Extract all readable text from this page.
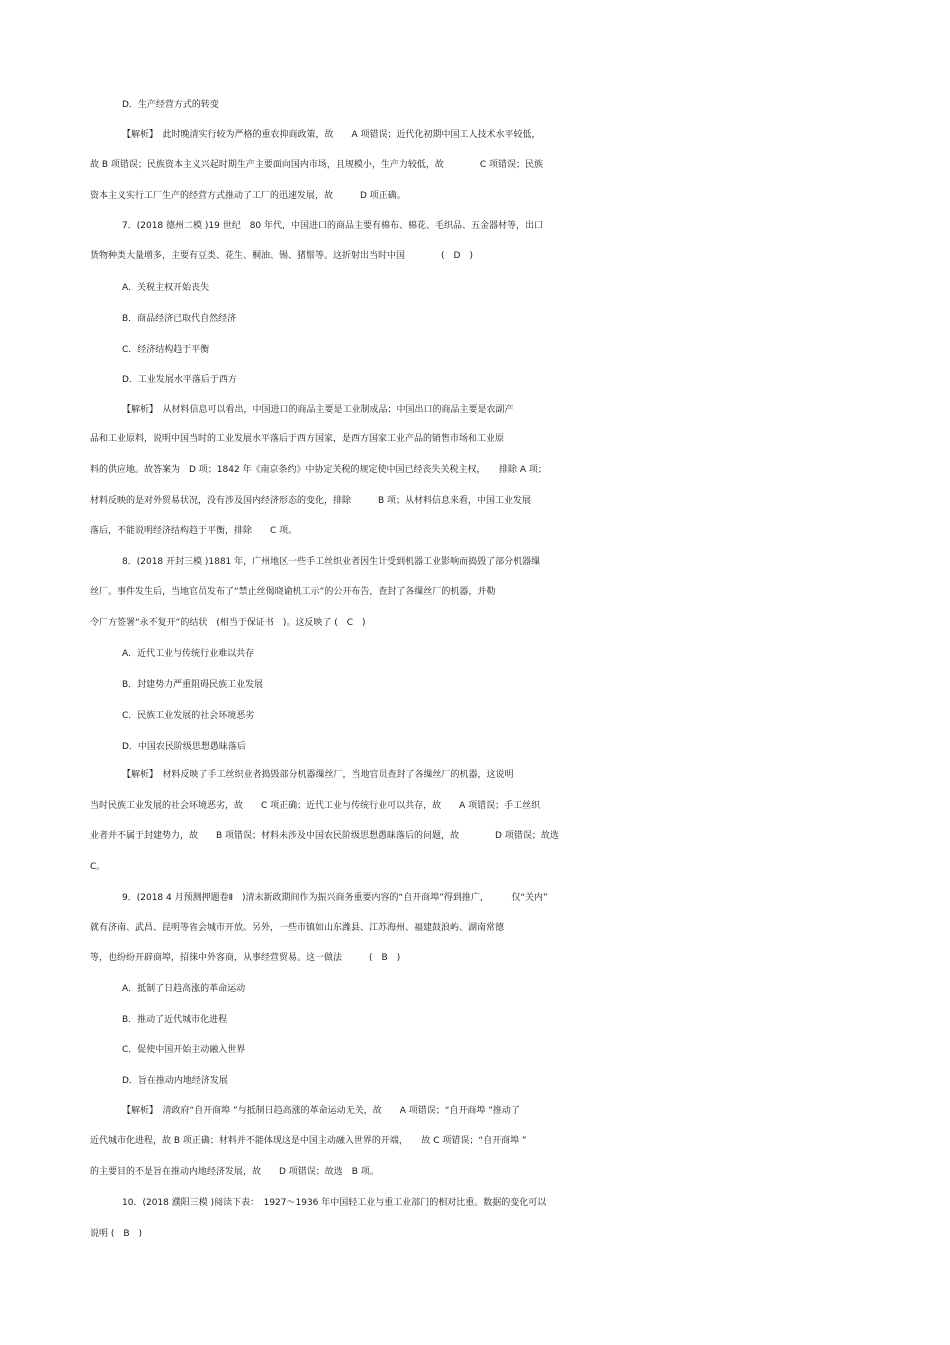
D．生产经营方式的转变
【解析】　此时晚清实行较为严格的重农抑商政策，故　　A 项错误；近代化初期中国工人技术水平较低，
故 B 项错误；民族资本主义兴起时期生产主要面向国内市场，且规模小，生产力较低，故　　　　C 项错误；民族
资本主义实行工厂生产的经营方式推动了工厂的迅速发展，故　　　D 项正确。
7．(2018 德州二模 )19 世纪　80 年代，中国进口的商品主要有棉布、棉花、毛织品、五金器材等，出口
货物种类大量增多，主要有豆类、花生、桐油、锡、猪鬃等。这折射出当时中国　　　　(　D　)
A．关税主权开始丧失
B．商品经济已取代自然经济
C．经济结构趋于平衡
D．工业发展水平落后于西方
【解析】　从材料信息可以看出，中国进口的商品主要是工业制成品；中国出口的商品主要是农副产
品和工业原料，说明中国当时的工业发展水平落后于西方国家，是西方国家工业产品的销售市场和工业原
料的供应地。故答案为　D 项；1842 年《南京条约》中协定关税的规定使中国已经丧失关税主权，　　排除 A 项；
材料反映的是对外贸易状况，没有涉及国内经济形态的变化，排除　　　B 项；从材料信息来看，中国工业发展
落后，不能说明经济结构趋于平衡，排除　　C 项。
8．(2018 开封三模 )1881 年，广州地区一些手工丝织业者因生计受到机器工业影响而捣毁了部分机器缫
丝厂。事件发生后，当地官员发布了“禁止丝偈晓谕机工示”的公开布告，查封了各缫丝厂的机器，并勒
令厂方签署“永不复开”的结状　(相当于保证书　)。这反映了 (　C　)
A．近代工业与传统行业难以共存
B．封建势力严重阻碍民族工业发展
C．民族工业发展的社会环境恶劣
D．中国农民阶级思想愚昧落后
【解析】　材料反映了手工丝织业者捣毁部分机器缫丝厂，当地官员查封了各缫丝厂的机器，这说明
当时民族工业发展的社会环境恶劣，故　　C 项正确；近代工业与传统行业可以共存，故　　A 项错误；手工丝织
业者并不属于封建势力，故　　B 项错误；材料未涉及中国农民阶级思想愚昧落后的问题，故　　　　D 项错误；故选
C。
9．(2018 4 月预测押题卷Ⅱ　)清末新政期间作为振兴商务重要内容的“自开商埠”得到推广，　　　仅“关内”
就有济南、武昌、昆明等省会城市开放。另外，一些市镇如山东潍县、江苏海州、福建鼓浪屿、湖南常德
等，也纷纷开辟商埠，招徕中外客商，从事经营贸易。这一做法　　　(　B　)
A．抵制了日趋高涨的革命运动
B．推动了近代城市化进程
C．促使中国开始主动融入世界
D．旨在推动内地经济发展
【解析】　清政府“自开商埠 ”与抵制日趋高涨的革命运动无关，故　　A 项错误；“自开商埠 ”推动了
近代城市化进程，故 B 项正确；材料并不能体现这是中国主动融入世界的开端，　　故 C 项错误；“自开商埠 ”
的主要目的不是旨在推动内地经济发展，故　　D 项错误；故选　B 项。
10．(2018 濮阳三模 )阅读下表：　1927～1936 年中国轻工业与重工业部门的相对比重。数据的变化可以
说明 (　B　)
